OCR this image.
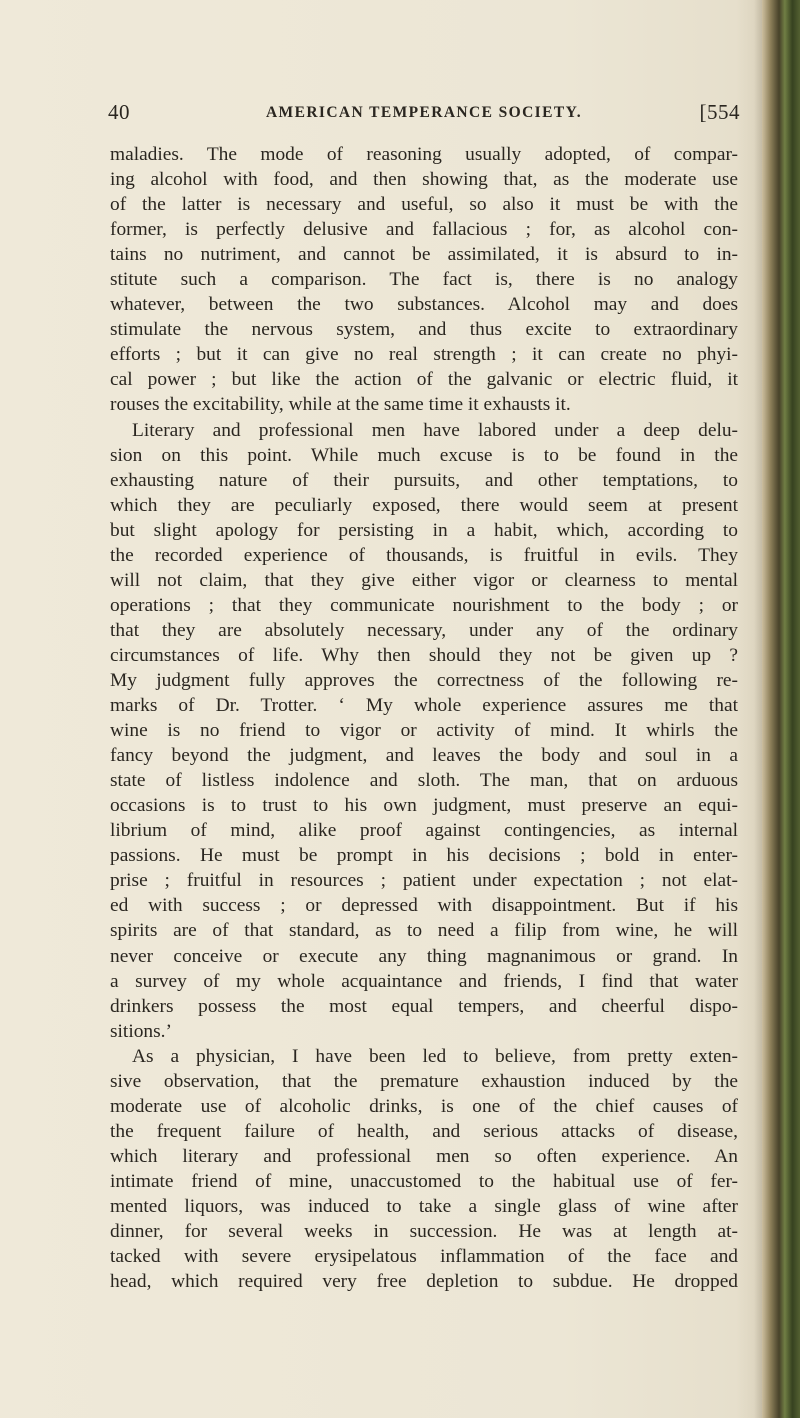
40	AMERICAN TEMPERANCE SOCIETY.	[554
maladies. The mode of reasoning usually adopted, of compar-
ing alcohol with food, and then showing that, as the moderate use
of the latter is necessary and useful, so also it must be with the
former, is perfectly delusive and fallacious ; for, as alcohol con-
tains no nutriment, and cannot be assimilated, it is absurd to in-
stitute such a comparison. The fact is, there is no analogy
whatever, between the two substances. Alcohol may and does
stimulate the nervous system, and thus excite to extraordinary
efforts ; but it can give no real strength ; it can create no phyi-
cal power ; but like the action of the galvanic or electric fluid, it
rouses the excitability, while at the same time it exhausts it.
Literary and professional men have labored under a deep delu-
sion on this point. While much excuse is to be found in the
exhausting nature of their pursuits, and other temptations, to
which they are peculiarly exposed, there would seem at present
but slight apology for persisting in a habit, which, according to
the recorded experience of thousands, is fruitful in evils. They
will not claim, that they give either vigor or clearness to mental
operations ; that they communicate nourishment to the body ; or
that they are absolutely necessary, under any of the ordinary
circumstances of life. Why then should they not be given up ?
My judgment fully approves the correctness of the following re-
marks of Dr. Trotter. ‘ My whole experience assures me that
wine is no friend to vigor or activity of mind. It whirls the
fancy beyond the judgment, and leaves the body and soul in a
state of listless indolence and sloth. The man, that on arduous
occasions is to trust to his own judgment, must preserve an equi-
librium of mind, alike proof against contingencies, as internal
passions. He must be prompt in his decisions ; bold in enter-
prise ; fruitful in resources ; patient under expectation ; not elat-
ed with success ; or depressed with disappointment. But if his
spirits are of that standard, as to need a filip from wine, he will
never conceive or execute any thing magnanimous or grand. In
a survey of my whole acquaintance and friends, I find that water
drinkers possess the most equal tempers, and cheerful dispo-
sitions.’
As a physician, I have been led to believe, from pretty exten-
sive observation, that the premature exhaustion induced by the
moderate use of alcoholic drinks, is one of the chief causes of
the frequent failure of health, and serious attacks of disease,
which literary and professional men so often experience. An
intimate friend of mine, unaccustomed to the habitual use of fer-
mented liquors, was induced to take a single glass of wine after
dinner, for several weeks in succession. He was at length at-
tacked with severe erysipelatous inflammation of the face and
head, which required very free depletion to subdue. He dropped
